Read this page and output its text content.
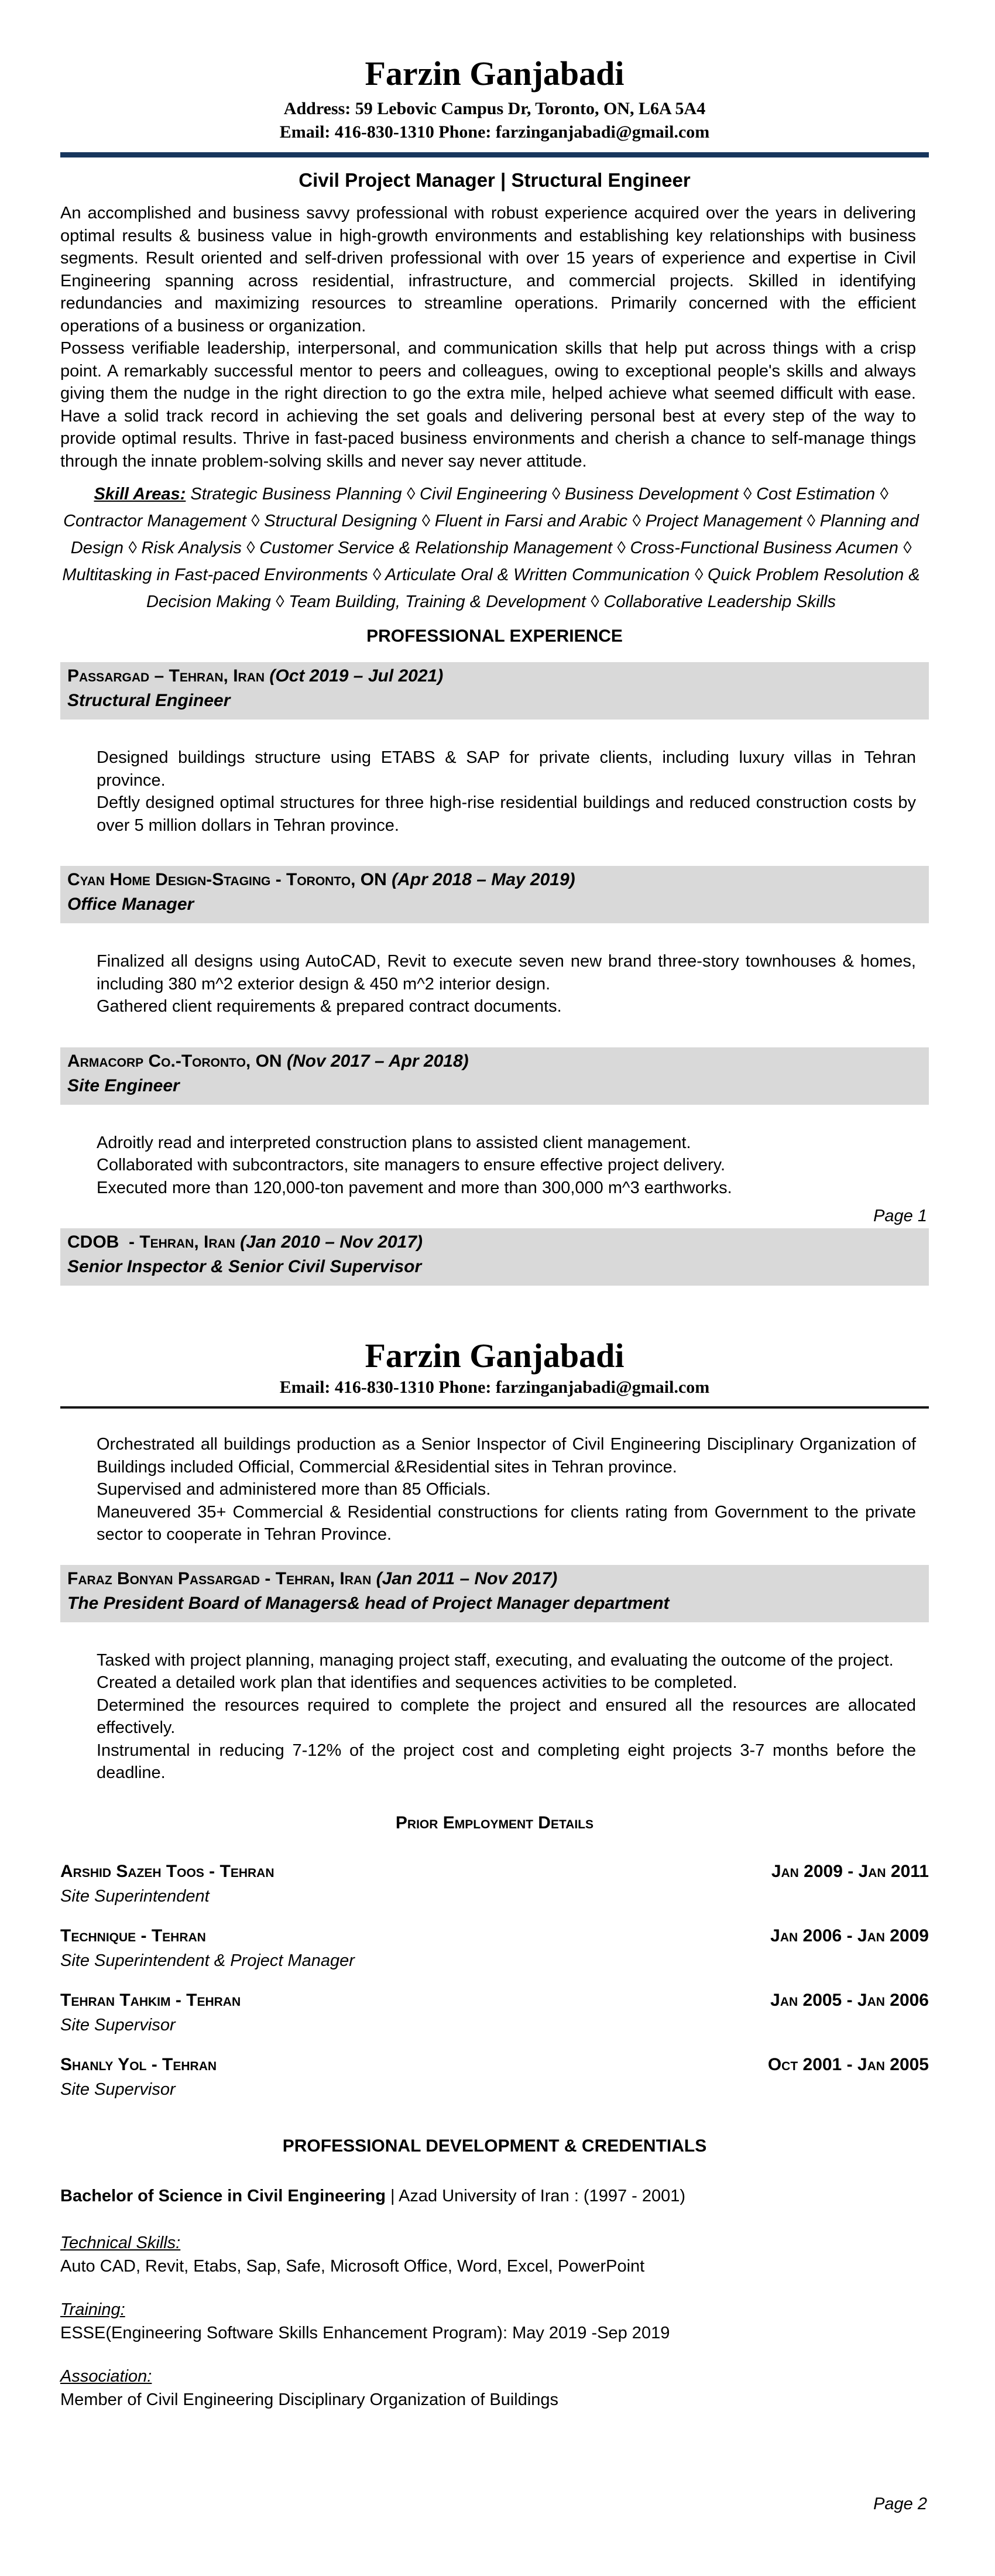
Farzin Ganjabadi
Address: 59 Lebovic Campus Dr, Toronto, ON, L6A 5A4
Email: 416-830-1310 Phone: farzinganjabadi@gmail.com
Civil Project Manager | Structural Engineer

An accomplished and business savvy professional with robust experience acquired over the years in delivering optimal results & business value in high-growth environments and establishing key relationships with business segments. Result oriented and self-driven professional with over 15 years of experience and expertise in Civil Engineering spanning across residential, infrastructure, and commercial projects. Skilled in identifying redundancies and maximizing resources to streamline operations. Primarily concerned with the efficient operations of a business or organization.

Possess verifiable leadership, interpersonal, and communication skills that help put across things with a crisp point. A remarkably successful mentor to peers and colleagues, owing to exceptional people's skills and always giving them the nudge in the right direction to go the extra mile, helped achieve what seemed difficult with ease. Have a solid track record in achieving the set goals and delivering personal best at every step of the way to provide optimal results. Thrive in fast-paced business environments and cherish a chance to self-manage things through the innate problem-solving skills and never say never attitude.

Skill Areas: Strategic Business Planning ◊ Civil Engineering ◊ Business Development ◊ Cost Estimation ◊ Contractor Management ◊ Structural Designing ◊ Fluent in Farsi and Arabic ◊ Project Management ◊ Planning and Design ◊ Risk Analysis ◊ Customer Service & Relationship Management ◊ Cross-Functional Business Acumen ◊ Multitasking in Fast-paced Environments ◊ Articulate Oral & Written Communication ◊ Quick Problem Resolution & Decision Making ◊ Team Building, Training & Development ◊ Collaborative Leadership Skills

PROFESSIONAL EXPERIENCE
Passargad – Tehran, Iran (Oct 2019 – Jul 2021)
Structural Engineer
Designed buildings structure using ETABS & SAP for private clients, including luxury villas in Tehran province.
Deftly designed optimal structures for three high-rise residential buildings and reduced construction costs by over 5 million dollars in Tehran province.
Cyan Home Design-Staging - Toronto, ON (Apr 2018 – May 2019)
Office Manager
Finalized all designs using AutoCAD, Revit to execute seven new brand three-story townhouses & homes, including 380 m^2 exterior design & 450 m^2 interior design.
Gathered client requirements & prepared contract documents.
Armacorp Co.-Toronto, ON (Nov 2017 – Apr 2018)
Site Engineer
Adroitly read and interpreted construction plans to assisted client management.
Collaborated with subcontractors, site managers to ensure effective project delivery.
Executed more than 120,000-ton pavement and more than 300,000 m^3 earthworks.
CDOB  - Tehran, Iran (Jan 2010 – Nov 2017)
Senior Inspector & Senior Civil Supervisor
Page 1
Farzin Ganjabadi
Email: 416-830-1310 Phone: farzinganjabadi@gmail.com
Orchestrated all buildings production as a Senior Inspector of Civil Engineering Disciplinary Organization of Buildings included Official, Commercial &Residential sites in Tehran province.
Supervised and administered more than 85 Officials.
Maneuvered 35+ Commercial & Residential constructions for clients rating from Government to the private sector to cooperate in Tehran Province.
Faraz Bonyan Passargad - Tehran, Iran (Jan 2011 – Nov 2017)
The President Board of Managers& head of Project Manager department
Tasked with project planning, managing project staff, executing, and evaluating the outcome of the project.
Created a detailed work plan that identifies and sequences activities to be completed.
Determined the resources required to complete the project and ensured all the resources are allocated effectively.
Instrumental in reducing 7-12% of the project cost and completing eight projects 3-7 months before the deadline.
Prior Employment Details
Arshid Sazeh Toos - Tehran	Jan 2009 - Jan 2011
Site Superintendent
Technique - Tehran	Jan 2006 - Jan 2009
Site Superintendent & Project Manager
Tehran Tahkim - Tehran	Jan 2005 - Jan 2006
Site Supervisor
Shanly Yol - Tehran	Oct 2001 - Jan 2005
Site Supervisor
PROFESSIONAL DEVELOPMENT & CREDENTIALS
Bachelor of Science in Civil Engineering | Azad University of Iran : (1997 - 2001)
Technical Skills:
Auto CAD, Revit, Etabs, Sap, Safe, Microsoft Office, Word, Excel, PowerPoint
Training:
ESSE(Engineering Software Skills Enhancement Program): May 2019 -Sep 2019
Association:
Member of Civil Engineering Disciplinary Organization of Buildings
Page 2
